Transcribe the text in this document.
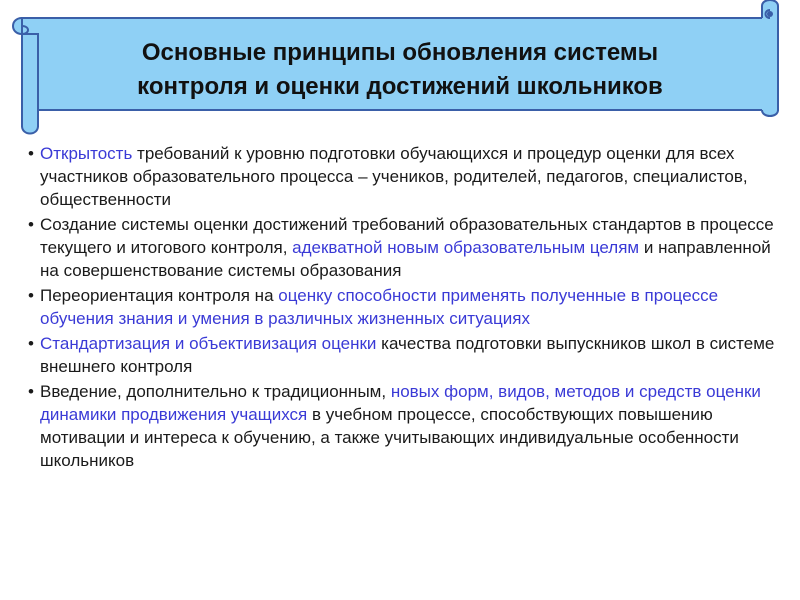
Основные принципы обновления системы
контроля и оценки достижений школьников
• Открытость требований к уровню подготовки обучающихся и процедур оценки для всех участников образовательного процесса – учеников, родителей, педагогов, специалистов, общественности
• Создание системы оценки достижений требований образовательных стандартов в процессе текущего и итогового контроля, адекватной новым образовательным целям и направленной на совершенствование системы образования
• Переориентация контроля на оценку способности применять полученные в процессе обучения знания и умения в различных жизненных ситуациях
• Стандартизация и объективизация оценки качества подготовки выпускников школ в системе внешнего контроля
• Введение, дополнительно к традиционным, новых форм, видов, методов и средств оценки динамики продвижения учащихся в учебном процессе, способствующих повышению мотивации и интереса к обучению, а также учитывающих индивидуальные особенности школьников
